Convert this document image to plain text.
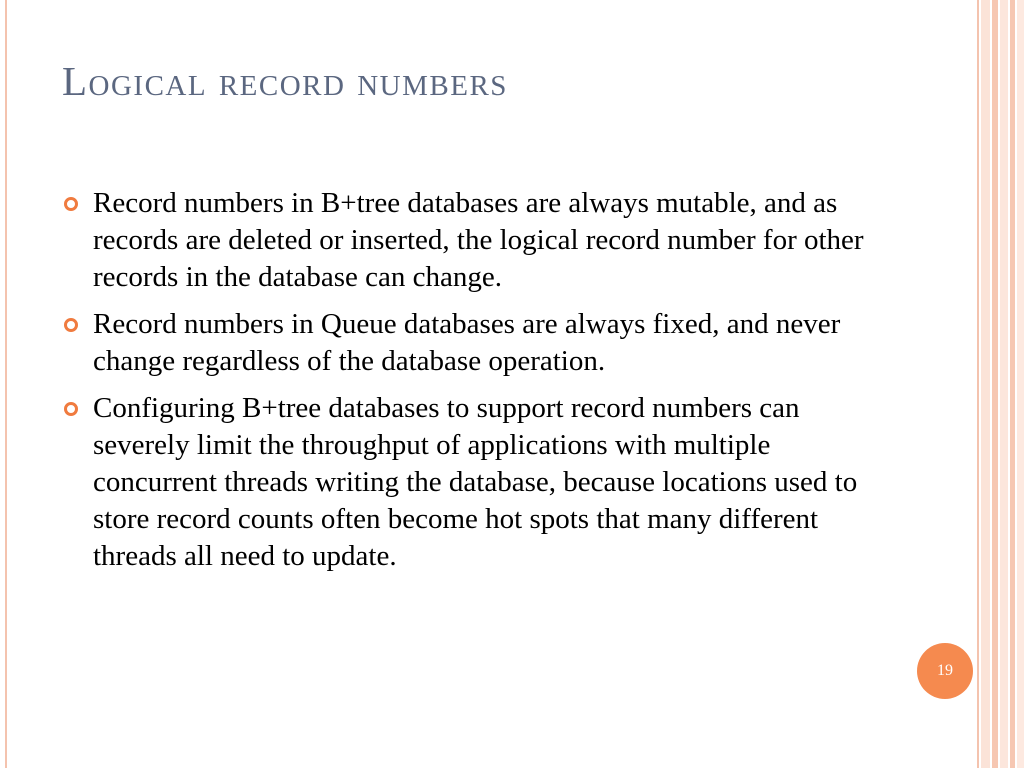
Logical record numbers
Record numbers in B+tree databases are always mutable, and as records are deleted or inserted, the logical record number for other records in the database can change.
Record numbers in Queue databases are always fixed, and never change regardless of the database operation.
Configuring B+tree databases to support record numbers can severely limit the throughput of applications with multiple concurrent threads writing the database, because locations used to store record counts often become hot spots that many different threads all need to update.
19
